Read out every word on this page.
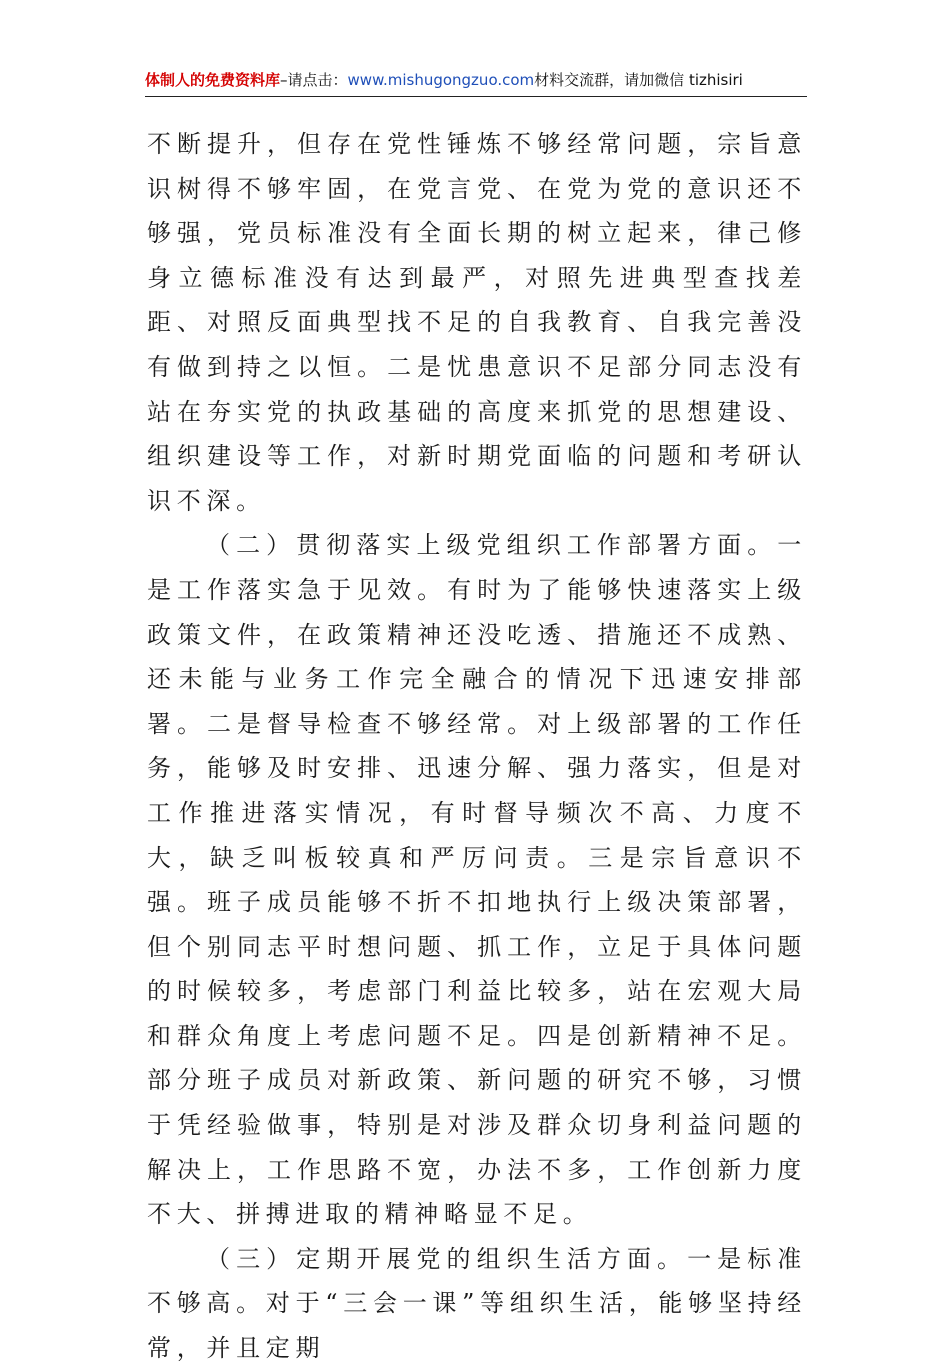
体制人的免费资料库–请点击：www.mishugongzuo.com材料交流群，请加微信 tizhisiri

不断提升，但存在党性锤炼不够经常问题，宗旨意识树得不够牢固，在党言党、在党为党的意识还不够强，党员标准没有全面长期的树立起来，律己修身立德标准没有达到最严，对照先进典型查找差距、对照反面典型找不足的自我教育、自我完善没有做到持之以恒。二是忧患意识不足部分同志没有站在夯实党的执政基础的高度来抓党的思想建设、组织建设等工作，对新时期党面临的问题和考研认识不深。

（二）贯彻落实上级党组织工作部署方面。一是工作落实急于见效。有时为了能够快速落实上级政策文件，在政策精神还没吃透、措施还不成熟、还未能与业务工作完全融合的情况下迅速安排部署。二是督导检查不够经常。对上级部署的工作任务，能够及时安排、迅速分解、强力落实，但是对工作推进落实情况，有时督导频次不高、力度不大，缺乏叫板较真和严厉问责。三是宗旨意识不强。班子成员能够不折不扣地执行上级决策部署，但个别同志平时想问题、抓工作，立足于具体问题的时候较多，考虑部门利益比较多，站在宏观大局和群众角度上考虑问题不足。四是创新精神不足。部分班子成员对新政策、新问题的研究不够，习惯于凭经验做事，特别是对涉及群众切身利益问题的解决上，工作思路不宽，办法不多，工作创新力度不大、拼搏进取的精神略显不足。

（三）定期开展党的组织生活方面。一是标准不够高。对于“三会一课”等组织生活，能够坚持经常，并且定期
